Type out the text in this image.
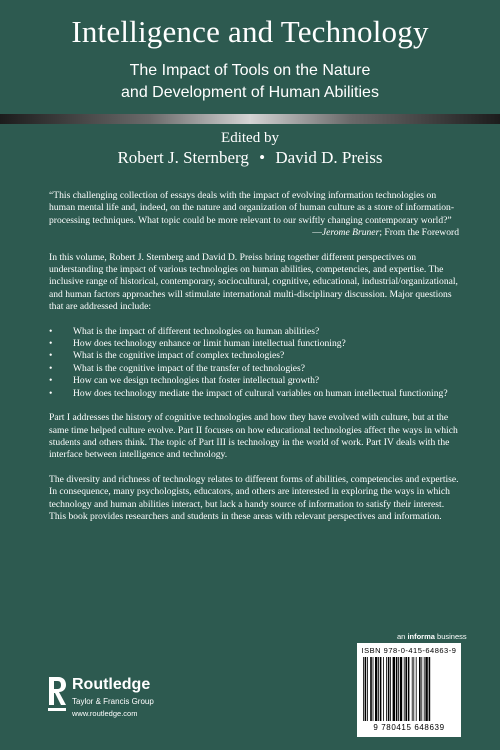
Intelligence and Technology
The Impact of Tools on the Nature
and Development of Human Abilities
Edited by
Robert J. Sternberg • David D. Preiss

“This challenging collection of essays deals with the impact of evolving information technologies on human mental life and, indeed, on the nature and organization of human culture as a store of information-processing techniques. What topic could be more relevant to our swiftly changing contemporary world?”

—Jerome Bruner; From the Foreword

In this volume, Robert J. Sternberg and David D. Preiss bring together different perspectives on understanding the impact of various technologies on human abilities, competencies, and expertise. The inclusive range of historical, contemporary, sociocultural, cognitive, educational, industrial/organizational, and human factors approaches will stimulate international multi-disciplinary discussion. Major questions that are addressed include:

• What is the impact of different technologies on human abilities?
• How does technology enhance or limit human intellectual functioning?
• What is the cognitive impact of complex technologies?
• What is the cognitive impact of the transfer of technologies?
• How can we design technologies that foster intellectual growth?
• How does technology mediate the impact of cultural variables on human intellectual functioning?

Part I addresses the history of cognitive technologies and how they have evolved with culture, but at the same time helped culture evolve. Part II focuses on how educational technologies affect the ways in which students and others think. The topic of Part III is technology in the world of work. Part IV deals with the interface between intelligence and technology.

The diversity and richness of technology relates to different forms of abilities, competencies and expertise. In consequence, many psychologists, educators, and others are interested in exploring the ways in which technology and human abilities interact, but lack a handy source of information to satisfy their interest. This book provides researchers and students in these areas with relevant perspectives and information.

an informa business
ISBN 978-0-415-64863-9
9 780415 648639
Routledge
Taylor & Francis Group
www.routledge.com
